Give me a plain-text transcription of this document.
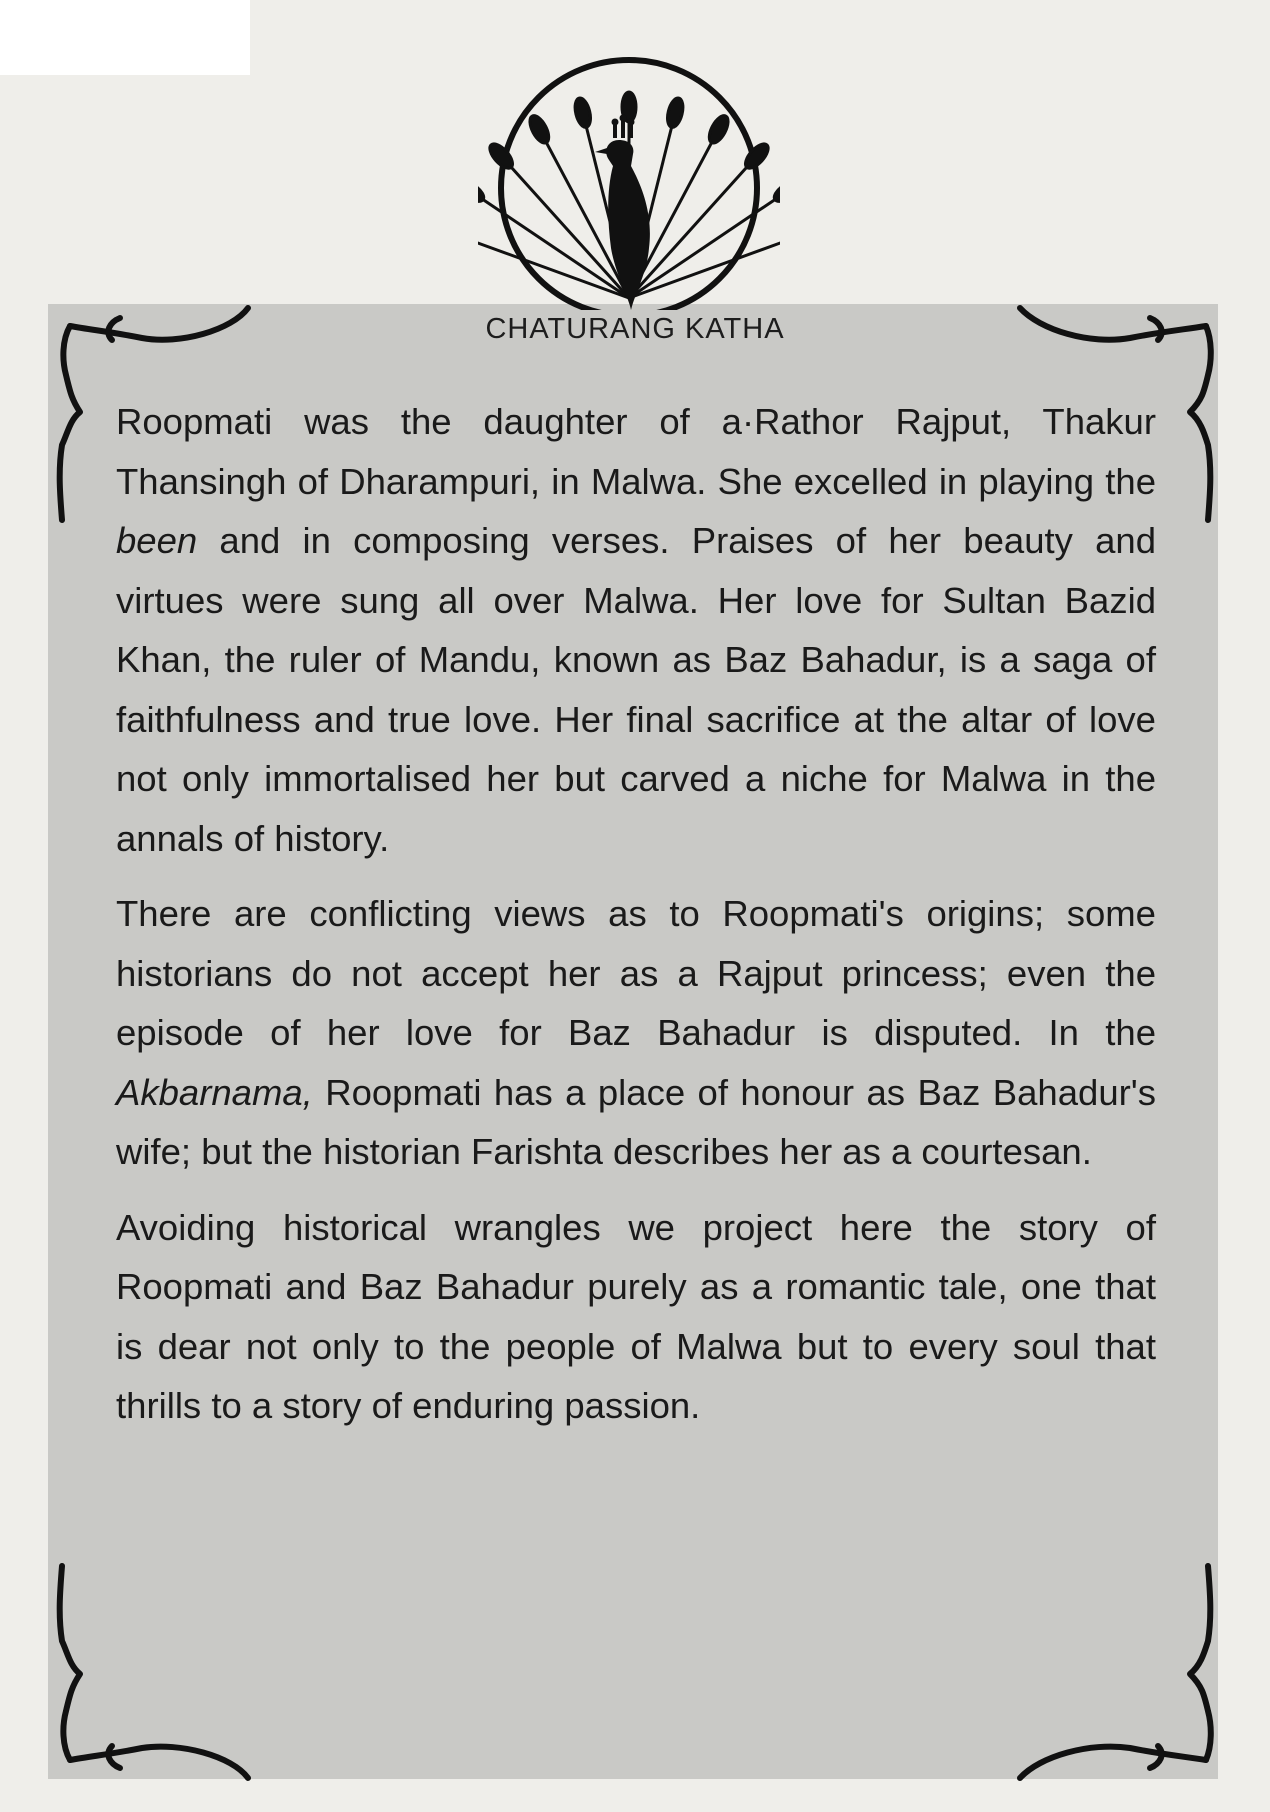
CHATURANG KATHA

Roopmati was the daughter of a·Rathor Rajput, Thakur Thansingh of Dharampuri, in Malwa. She excelled in playing the been and in composing verses. Praises of her beauty and virtues were sung all over Malwa. Her love for Sultan Bazid Khan, the ruler of Mandu, known as Baz Bahadur, is a saga of faithfulness and true love. Her final sacrifice at the altar of love not only immortalised her but carved a niche for Malwa in the annals of history.

There are conflicting views as to Roopmati's origins; some historians do not accept her as a Rajput princess; even the episode of her love for Baz Bahadur is disputed. In the Akbarnama, Roopmati has a place of honour as Baz Bahadur's wife; but the historian Farishta describes her as a courtesan.

Avoiding historical wrangles we project here the story of Roopmati and Baz Bahadur purely as a romantic tale, one that is dear not only to the people of Malwa but to every soul that thrills to a story of enduring passion.
